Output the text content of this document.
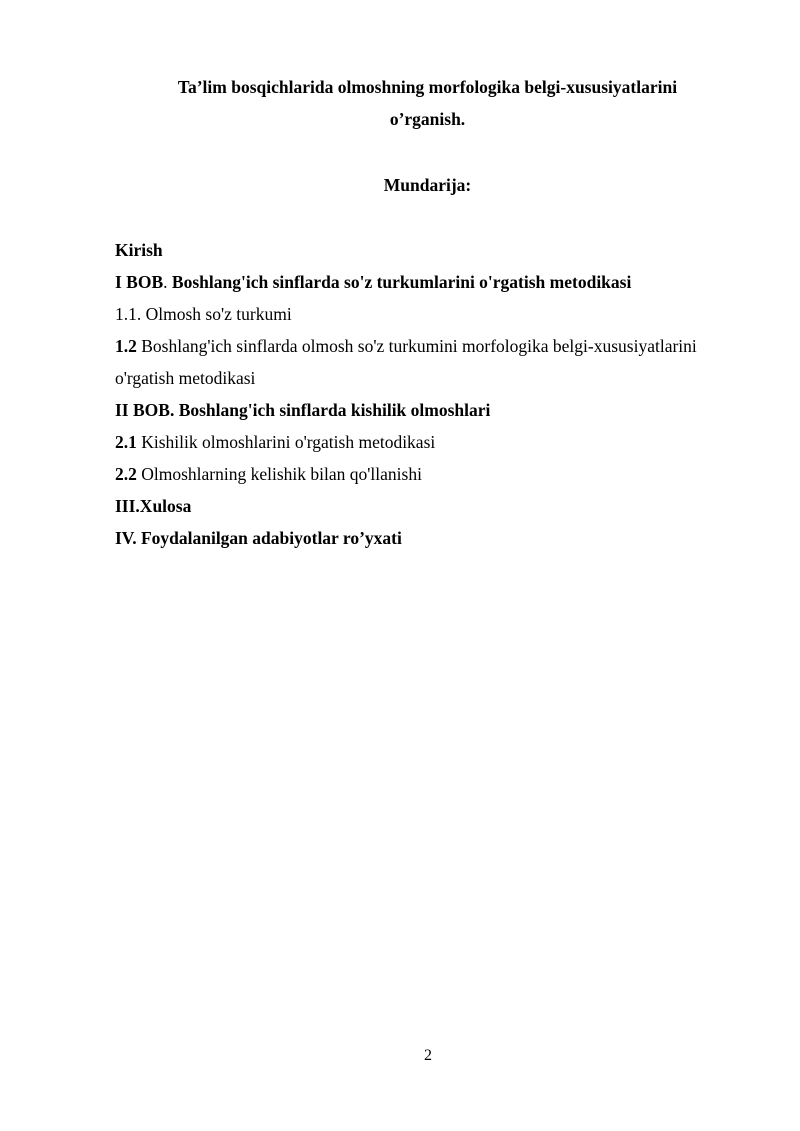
Ta’lim bosqichlarida olmoshning morfologika belgi-xususiyatlarini
o’rganish.
Mundarija:
Kirish
I BOB. Boshlang'ich sinflarda so'z turkumlarini o'rgatish metodikasi
1.1. Olmosh so'z turkumi
1.2 Boshlang'ich sinflarda olmosh so'z turkumini morfologika belgi-xususiyatlarini
o'rgatish metodikasi
II BOB. Boshlang'ich sinflarda kishilik olmoshlari
2.1 Kishilik olmoshlarini o'rgatish metodikasi
2.2 Olmoshlarning kelishik bilan qo'llanishi
III.Xulosa
IV. Foydalanilgan adabiyotlar ro’yxati
2
